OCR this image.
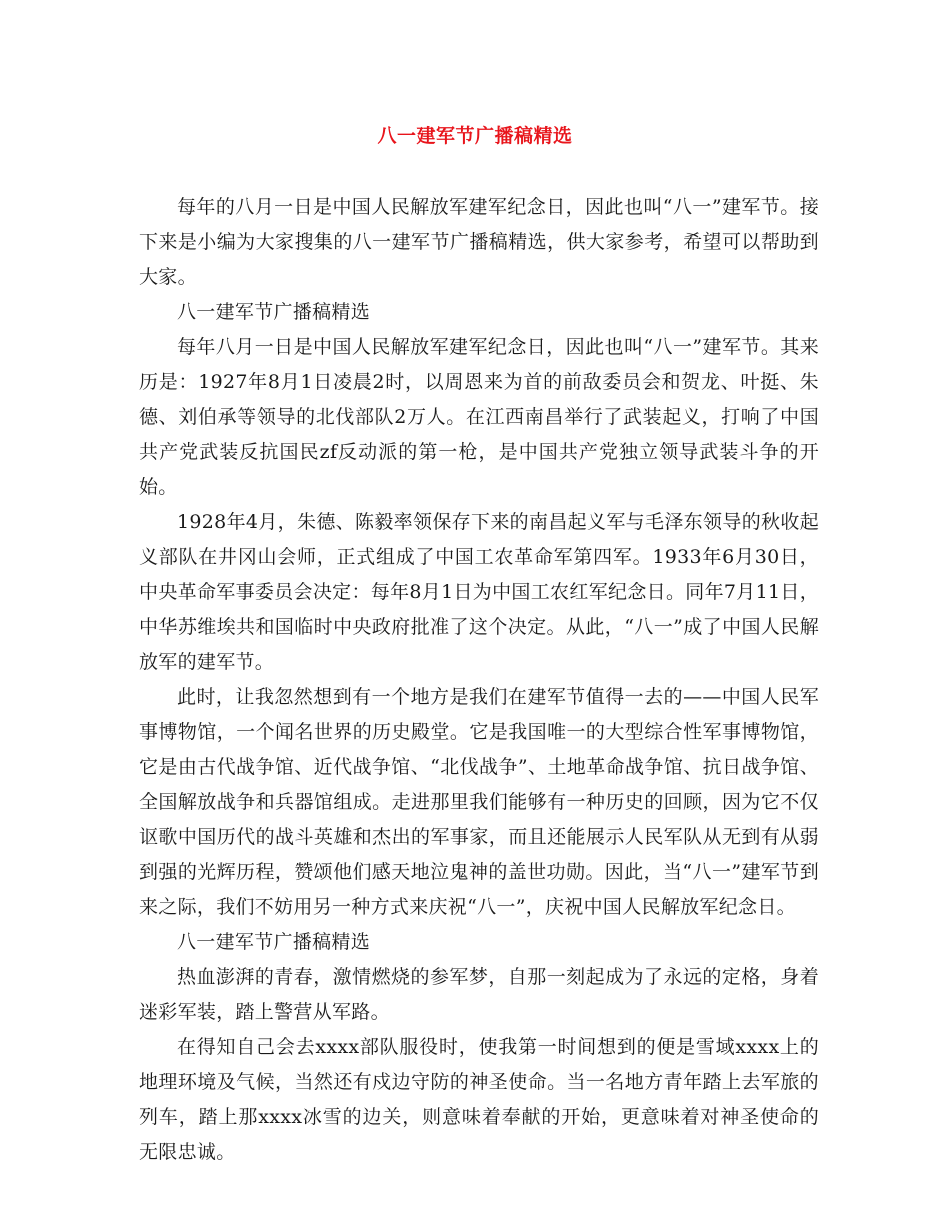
八一建军节广播稿精选

每年的八月一日是中国人民解放军建军纪念日，因此也叫“八一”建军节。接下来是小编为大家搜集的八一建军节广播稿精选，供大家参考，希望可以帮助到大家。

八一建军节广播稿精选

每年八月一日是中国人民解放军建军纪念日，因此也叫“八一”建军节。其来历是：1927年8月1日凌晨2时，以周恩来为首的前敌委员会和贺龙、叶挺、朱德、刘伯承等领导的北伐部队2万人。在江西南昌举行了武装起义，打响了中国共产党武装反抗国民zf反动派的第一枪，是中国共产党独立领导武装斗争的开始。

1928年4月，朱德、陈毅率领保存下来的南昌起义军与毛泽东领导的秋收起义部队在井冈山会师，正式组成了中国工农革命军第四军。1933年6月30日，中央革命军事委员会决定：每年8月1日为中国工农红军纪念日。同年7月11日，中华苏维埃共和国临时中央政府批准了这个决定。从此，“八一”成了中国人民解放军的建军节。

此时，让我忽然想到有一个地方是我们在建军节值得一去的——中国人民军事博物馆，一个闻名世界的历史殿堂。它是我国唯一的大型综合性军事博物馆，它是由古代战争馆、近代战争馆、“北伐战争”、土地革命战争馆、抗日战争馆、全国解放战争和兵器馆组成。走进那里我们能够有一种历史的回顾，因为它不仅讴歌中国历代的战斗英雄和杰出的军事家，而且还能展示人民军队从无到有从弱到强的光辉历程，赞颂他们感天地泣鬼神的盖世功勋。因此，当“八一”建军节到来之际，我们不妨用另一种方式来庆祝“八一”，庆祝中国人民解放军纪念日。

八一建军节广播稿精选

热血澎湃的青春，激情燃烧的参军梦，自那一刻起成为了永远的定格，身着迷彩军装，踏上警营从军路。

在得知自己会去xxxx部队服役时，使我第一时间想到的便是雪域xxxx上的地理环境及气候，当然还有戍边守防的神圣使命。当一名地方青年踏上去军旅的列车，踏上那xxxx冰雪的边关，则意味着奉献的开始，更意味着对神圣使命的无限忠诚。
